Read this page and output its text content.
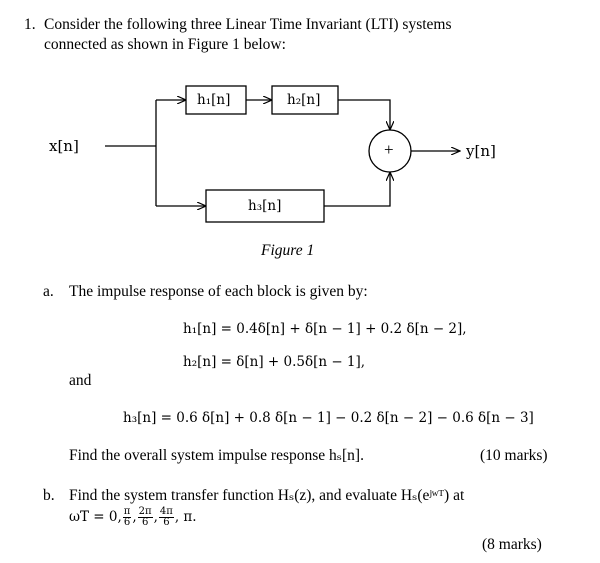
1. Consider the following three Linear Time Invariant (LTI) systems
connected as shown in Figure 1 below:
x[n]	y[n]
h₁[n]	h₂[n]
h₃[n]
+
Figure 1
a. The impulse response of each block is given by:
h₁[n] = 0.4δ[n] + δ[n − 1] + 0.2 δ[n − 2],
h₂[n] = δ[n] + 0.5δ[n − 1],
and
h₃[n] = 0.6 δ[n] + 0.8 δ[n − 1] − 0.2 δ[n − 2] − 0.6 δ[n − 3]
Find the overall system impulse response hₛ[n].	(10 marks)
b. Find the system transfer function Hₛ(z), and evaluate Hₛ(eʲʷᵀ) at
ωT = 0, $\frac{\pi}{6}$ , $\frac{2\pi}{6}$ , $\frac{4\pi}{6}$ , π.
(8 marks)
